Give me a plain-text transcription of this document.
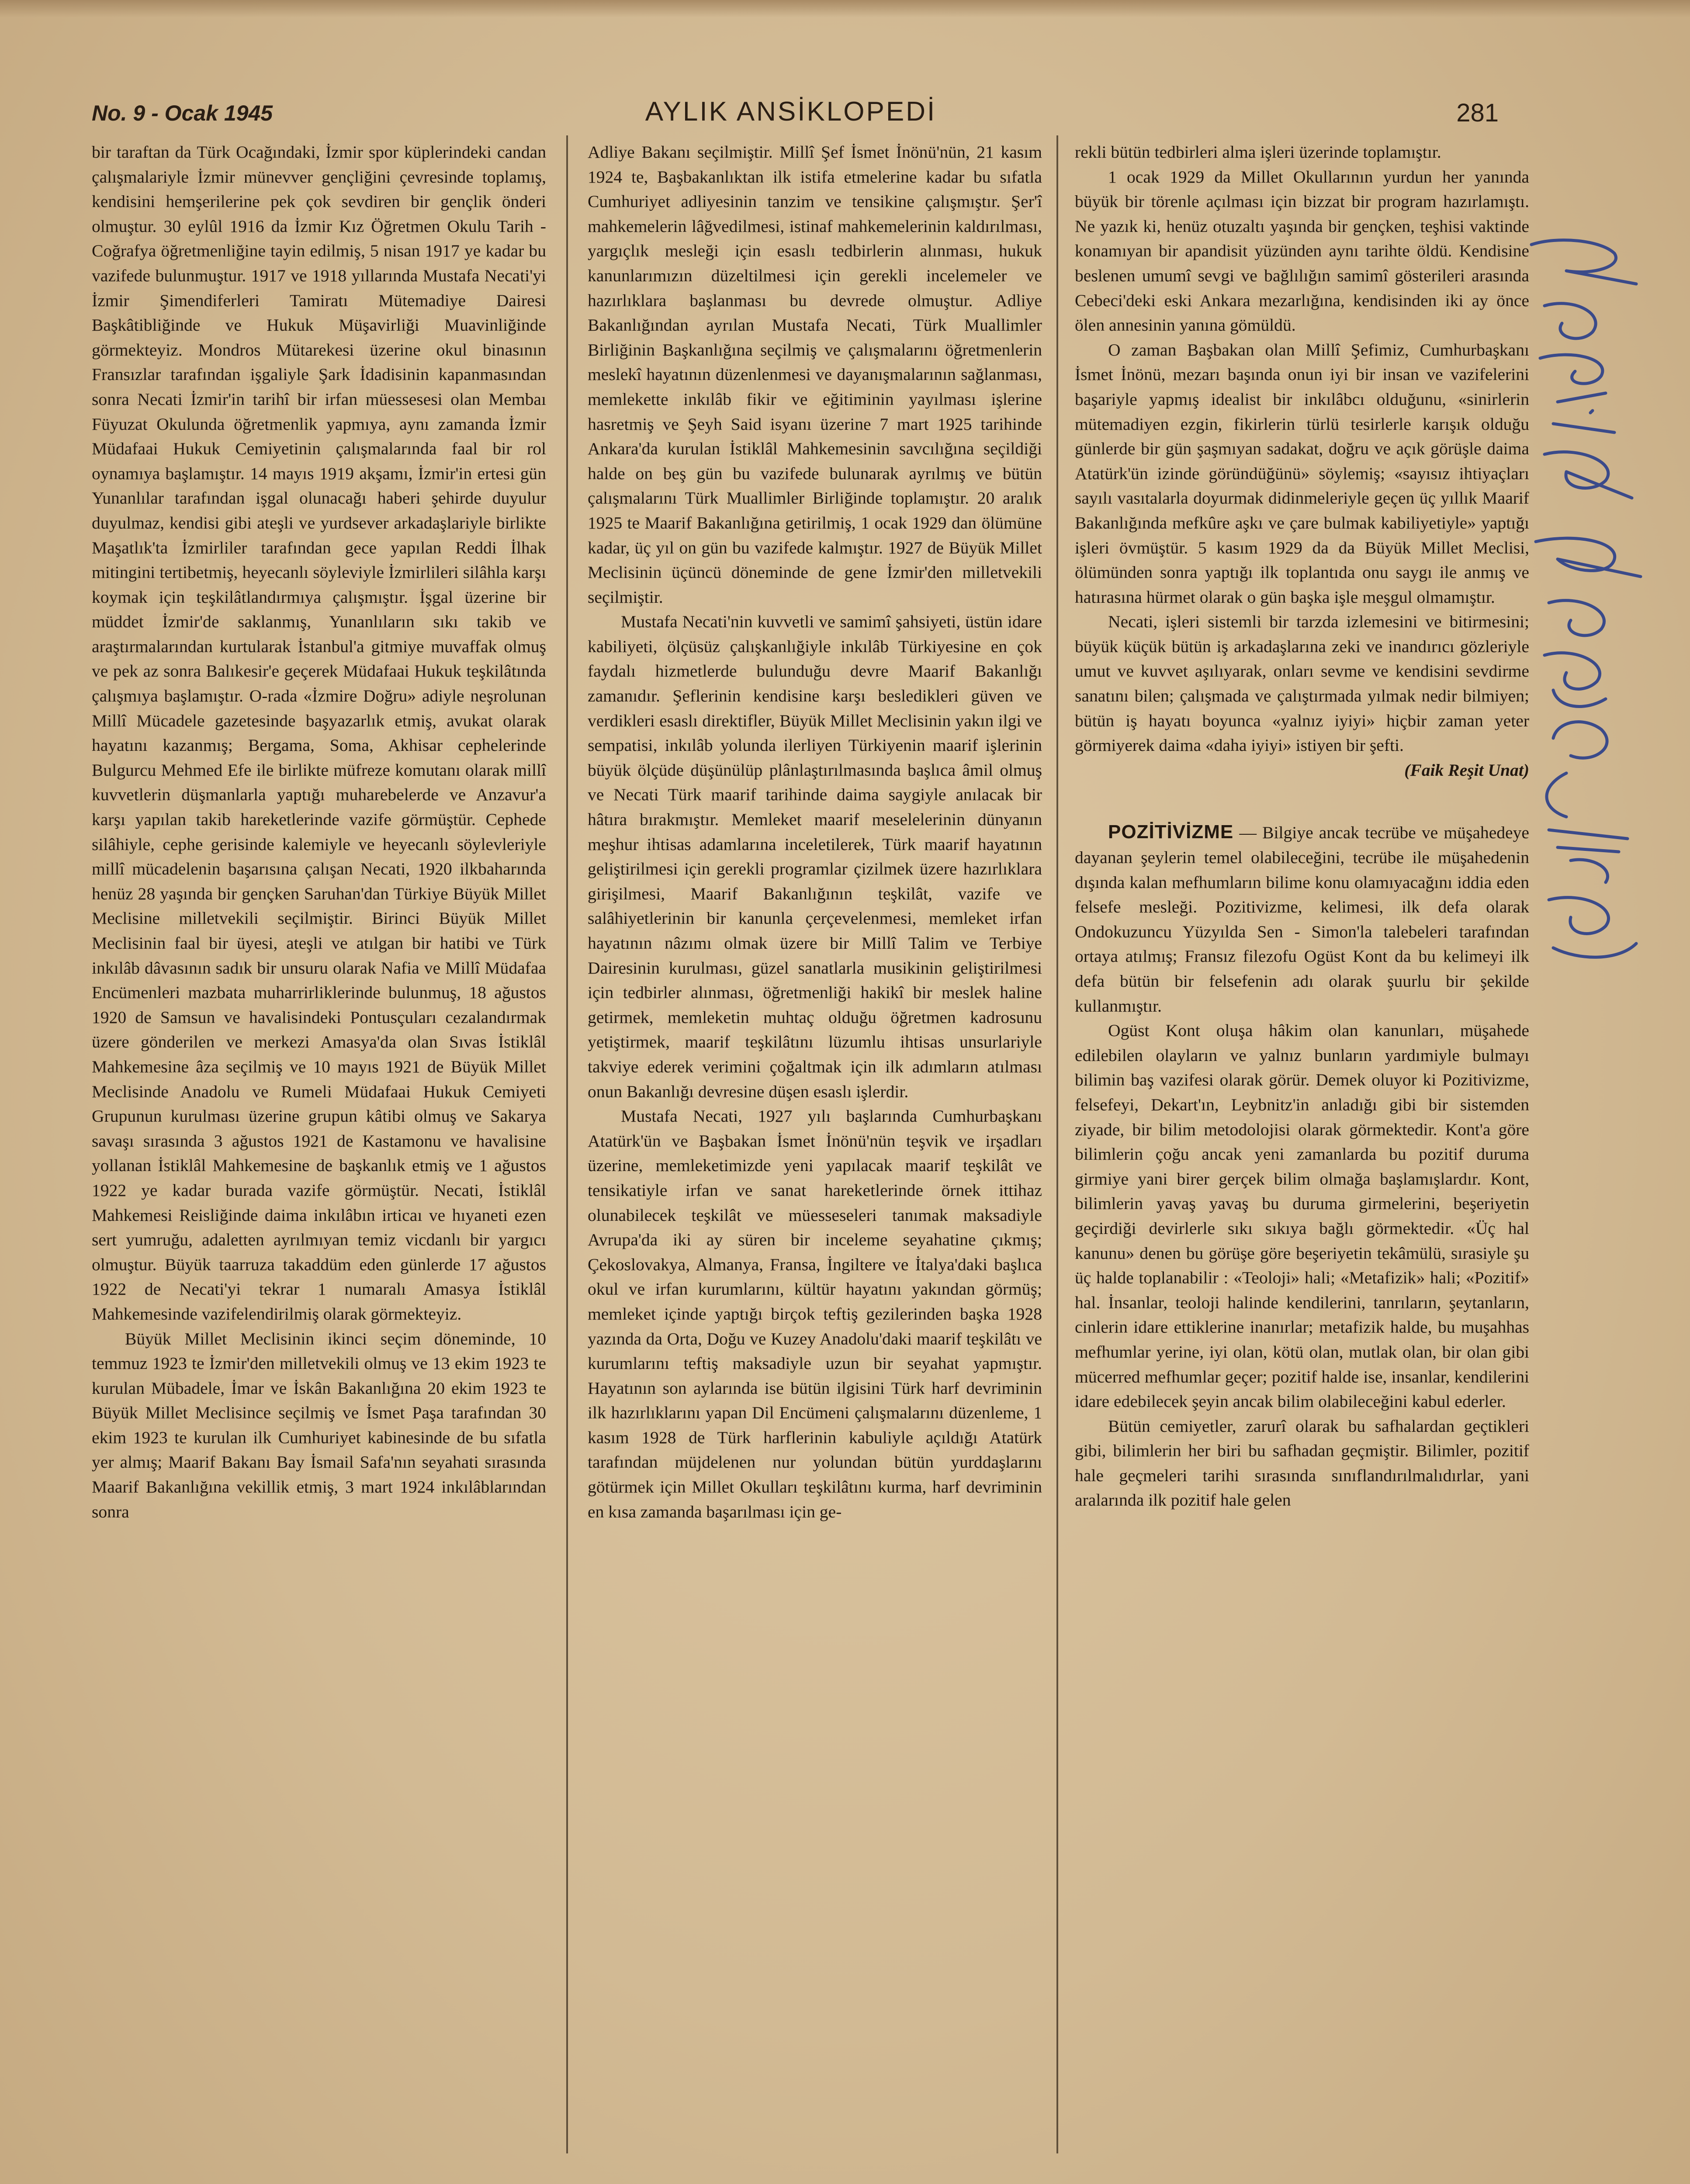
No. 9 - Ocak 1945	AYLIK ANSİKLOPEDİ	281

bir taraftan da Türk Ocağındaki, İzmir spor küplerindeki candan çalışmalariyle İzmir münevver gençliğini çevresinde toplamış, kendisini hemşerilerine pek çok sevdiren bir gençlik önderi olmuştur. 30 eylûl 1916 da İzmir Kız Öğretmen Okulu Tarih - Coğrafya öğretmenliğine tayin edilmiş, 5 nisan 1917 ye kadar bu vazifede bulunmuştur. 1917 ve 1918 yıllarında Mustafa Necati'yi İzmir Şimendiferleri Tamiratı Mütemadiye Dairesi Başkâtibliğinde ve Hukuk Müşavirliği Muavinliğinde görmekteyiz. Mondros Mütarekesi üzerine okul binasının Fransızlar tarafından işgaliyle Şark İdadisinin kapanmasından sonra Necati İzmir'in tarihî bir irfan müessesesi olan Membaı Füyuzat Okulunda öğretmenlik yapmıya, aynı zamanda İzmir Müdafaai Hukuk Cemiyetinin çalışmalarında faal bir rol oynamıya başlamıştır. 14 mayıs 1919 akşamı, İzmir'in ertesi gün Yunanlılar tarafından işgal olunacağı haberi şehirde duyulur duyulmaz, kendisi gibi ateşli ve yurdsever arkadaşlariyle birlikte Maşatlık'ta İzmirliler tarafından gece yapılan Reddi İlhak mitingini tertibetmiş, heyecanlı söyleviyle İzmirlileri silâhla karşı koymak için teşkilâtlandırmıya çalışmıştır. İşgal üzerine bir müddet İzmir'de saklanmış, Yunanlıların sıkı takib ve araştırmalarından kurtularak İstanbul'a gitmiye muvaffak olmuş ve pek az sonra Balıkesir'e geçerek Müdafaai Hukuk teşkilâtında çalışmıya başlamıştır. O-rada «İzmire Doğru» adiyle neşrolunan Millî Mücadele gazetesinde başyazarlık etmiş, avukat olarak hayatını kazanmış; Bergama, Soma, Akhisar cephelerinde Bulgurcu Mehmed Efe ile birlikte müfreze komutanı olarak millî kuvvetlerin düşmanlarla yaptığı muharebelerde ve Anzavur'a karşı yapılan takib hareketlerinde vazife görmüştür. Cephede silâhiyle, cephe gerisinde kalemiyle ve heyecanlı söylevleriyle millî mücadelenin başarısına çalışan Necati, 1920 ilkbaharında henüz 28 yaşında bir gençken Saruhan'dan Türkiye Büyük Millet Meclisine milletvekili seçilmiştir. Birinci Büyük Millet Meclisinin faal bir üyesi, ateşli ve atılgan bir hatibi ve Türk inkılâb dâvasının sadık bir unsuru olarak Nafia ve Millî Müdafaa Encümenleri mazbata muharrirliklerinde bulunmuş, 18 ağustos 1920 de Samsun ve havalisindeki Pontusçuları cezalandırmak üzere gönderilen ve merkezi Amasya'da olan Sıvas İstiklâl Mahkemesine âza seçilmiş ve 10 mayıs 1921 de Büyük Millet Meclisinde Anadolu ve Rumeli Müdafaai Hukuk Cemiyeti Grupunun kurulması üzerine grupun kâtibi olmuş ve Sakarya savaşı sırasında 3 ağustos 1921 de Kastamonu ve havalisine yollanan İstiklâl Mahkemesine de başkanlık etmiş ve 1 ağustos 1922 ye kadar burada vazife görmüştür. Necati, İstiklâl Mahkemesi Reisliğinde daima inkılâbın irticaı ve hıyaneti ezen sert yumruğu, adaletten ayrılmıyan temiz vicdanlı bir yargıcı olmuştur. Büyük taarruza takaddüm eden günlerde 17 ağustos 1922 de Necati'yi tekrar 1 numaralı Amasya İstiklâl Mahkemesinde vazifelendirilmiş olarak görmekteyiz.

Büyük Millet Meclisinin ikinci seçim döneminde, 10 temmuz 1923 te İzmir'den milletvekili olmuş ve 13 ekim 1923 te kurulan Mübadele, İmar ve İskân Bakanlığına 20 ekim 1923 te Büyük Millet Meclisince seçilmiş ve İsmet Paşa tarafından 30 ekim 1923 te kurulan ilk Cumhuriyet kabinesinde de bu sıfatla yer almış; Maarif Bakanı Bay İsmail Safa'nın seyahati sırasında Maarif Bakanlığına vekillik etmiş, 3 mart 1924 inkılâblarından sonra

Adliye Bakanı seçilmiştir. Millî Şef İsmet İnönü'nün, 21 kasım 1924 te, Başbakanlıktan ilk istifa etmelerine kadar bu sıfatla Cumhuriyet adliyesinin tanzim ve tensikine çalışmıştır. Şer'î mahkemelerin lâğvedilmesi, istinaf mahkemelerinin kaldırılması, yargıçlık mesleği için esaslı tedbirlerin alınması, hukuk kanunlarımızın düzeltilmesi için gerekli incelemeler ve hazırlıklara başlanması bu devrede olmuştur. Adliye Bakanlığından ayrılan Mustafa Necati, Türk Muallimler Birliğinin Başkanlığına seçilmiş ve çalışmalarını öğretmenlerin meslekî hayatının düzenlenmesi ve dayanışmalarının sağlanması, memlekette inkılâb fikir ve eğitiminin yayılması işlerine hasretmiş ve Şeyh Said isyanı üzerine 7 mart 1925 tarihinde Ankara'da kurulan İstiklâl Mahkemesinin savcılığına seçildiği halde on beş gün bu vazifede bulunarak ayrılmış ve bütün çalışmalarını Türk Muallimler Birliğinde toplamıştır. 20 aralık 1925 te Maarif Bakanlığına getirilmiş, 1 ocak 1929 dan ölümüne kadar, üç yıl on gün bu vazifede kalmıştır. 1927 de Büyük Millet Meclisinin üçüncü döneminde de gene İzmir'den milletvekili seçilmiştir.

Mustafa Necati'nin kuvvetli ve samimî şahsiyeti, üstün idare kabiliyeti, ölçüsüz çalışkanlığiyle inkılâb Türkiyesine en çok faydalı hizmetlerde bulunduğu devre Maarif Bakanlığı zamanıdır. Şeflerinin kendisine karşı besledikleri güven ve verdikleri esaslı direktifler, Büyük Millet Meclisinin yakın ilgi ve sempatisi, inkılâb yolunda ilerliyen Türkiyenin maarif işlerinin büyük ölçüde düşünülüp plânlaştırılmasında başlıca âmil olmuş ve Necati Türk maarif tarihinde daima saygiyle anılacak bir hâtıra bırakmıştır. Memleket maarif meselelerinin dünyanın meşhur ihtisas adamlarına inceletilerek, Türk maarif hayatının geliştirilmesi için gerekli programlar çizilmek üzere hazırlıklara girişilmesi, Maarif Bakanlığının teşkilât, vazife ve salâhiyetlerinin bir kanunla çerçevelenmesi, memleket irfan hayatının nâzımı olmak üzere bir Millî Talim ve Terbiye Dairesinin kurulması, güzel sanatlarla musikinin geliştirilmesi için tedbirler alınması, öğretmenliği hakikî bir meslek haline getirmek, memleketin muhtaç olduğu öğretmen kadrosunu yetiştirmek, maarif teşkilâtını lüzumlu ihtisas unsurlariyle takviye ederek verimini çoğaltmak için ilk adımların atılması onun Bakanlığı devresine düşen esaslı işlerdir.

Mustafa Necati, 1927 yılı başlarında Cumhurbaşkanı Atatürk'ün ve Başbakan İsmet İnönü'nün teşvik ve irşadları üzerine, memleketimizde yeni yapılacak maarif teşkilât ve tensikatiyle irfan ve sanat hareketlerinde örnek ittihaz olunabilecek teşkilât ve müesseseleri tanımak maksadiyle Avrupa'da iki ay süren bir inceleme seyahatine çıkmış; Çekoslovakya, Almanya, Fransa, İngiltere ve İtalya'daki başlıca okul ve irfan kurumlarını, kültür hayatını yakından görmüş; memleket içinde yaptığı birçok teftiş gezilerinden başka 1928 yazında da Orta, Doğu ve Kuzey Anadolu'daki maarif teşkilâtı ve kurumlarını teftiş maksadiyle uzun bir seyahat yapmıştır. Hayatının son aylarında ise bütün ilgisini Türk harf devriminin ilk hazırlıklarını yapan Dil Encümeni çalışmalarını düzenleme, 1 kasım 1928 de Türk harflerinin kabuliyle açıldığı Atatürk tarafından müjdelenen nur yolundan bütün yurddaşlarını götürmek için Millet Okulları teşkilâtını kurma, harf devriminin en kısa zamanda başarılması için ge-

rekli bütün tedbirleri alma işleri üzerinde toplamıştır.

1 ocak 1929 da Millet Okullarının yurdun her yanında büyük bir törenle açılması için bizzat bir program hazırlamıştı. Ne yazık ki, henüz otuzaltı yaşında bir gençken, teşhisi vaktinde konamıyan bir apandisit yüzünden aynı tarihte öldü. Kendisine beslenen umumî sevgi ve bağlılığın samimî gösterileri arasında Cebeci'deki eski Ankara mezarlığına, kendisinden iki ay önce ölen annesinin yanına gömüldü.

O zaman Başbakan olan Millî Şefimiz, Cumhurbaşkanı İsmet İnönü, mezarı başında onun iyi bir insan ve vazifelerini başariyle yapmış idealist bir inkılâbcı olduğunu, «sinirlerin mütemadiyen ezgin, fikirlerin türlü tesirlerle karışık olduğu günlerde bir gün şaşmıyan sadakat, doğru ve açık görüşle daima Atatürk'ün izinde göründüğünü» söylemiş; «sayısız ihtiyaçları sayılı vasıtalarla doyurmak didinmeleriyle geçen üç yıllık Maarif Bakanlığında mefkûre aşkı ve çare bulmak kabiliyetiyle» yaptığı işleri övmüştür. 5 kasım 1929 da da Büyük Millet Meclisi, ölümünden sonra yaptığı ilk toplantıda onu saygı ile anmış ve hatırasına hürmet olarak o gün başka işle meşgul olmamıştır.

Necati, işleri sistemli bir tarzda izlemesini ve bitirmesini; büyük küçük bütün iş arkadaşlarına zeki ve inandırıcı gözleriyle umut ve kuvvet aşılıyarak, onları sevme ve kendisini sevdirme sanatını bilen; çalışmada ve çalıştırmada yılmak nedir bilmiyen; bütün iş hayatı boyunca «yalnız iyiyi» hiçbir zaman yeter görmiyerek daima «daha iyiyi» istiyen bir şefti.

(Faik Reşit Unat)

POZİTİVİZME — Bilgiye ancak tecrübe ve müşahedeye dayanan şeylerin temel olabileceğini, tecrübe ile müşahedenin dışında kalan mefhumların bilime konu olamıyacağını iddia eden felsefe mesleği. Pozitivizme, kelimesi, ilk defa olarak Ondokuzuncu Yüzyılda Sen - Simon'la talebeleri tarafından ortaya atılmış; Fransız filezofu Ogüst Kont da bu kelimeyi ilk defa bütün bir felsefenin adı olarak şuurlu bir şekilde kullanmıştır.

Ogüst Kont oluşa hâkim olan kanunları, müşahede edilebilen olayların ve yalnız bunların yardımiyle bulmayı bilimin baş vazifesi olarak görür. Demek oluyor ki Pozitivizme, felsefeyi, Dekart'ın, Leybnitz'in anladığı gibi bir sistemden ziyade, bir bilim metodolojisi olarak görmektedir. Kont'a göre bilimlerin çoğu ancak yeni zamanlarda bu pozitif duruma girmiye yani birer gerçek bilim olmağa başlamışlardır. Kont, bilimlerin yavaş yavaş bu duruma girmelerini, beşeriyetin geçirdiği devirlerle sıkı sıkıya bağlı görmektedir. «Üç hal kanunu» denen bu görüşe göre beşeriyetin tekâmülü, sırasiyle şu üç halde toplanabilir : «Teoloji» hali; «Metafizik» hali; «Pozitif» hal. İnsanlar, teoloji halinde kendilerini, tanrıların, şeytanların, cinlerin idare ettiklerine inanırlar; metafizik halde, bu muşahhas mefhumlar yerine, iyi olan, kötü olan, mutlak olan, bir olan gibi mücerred mefhumlar geçer; pozitif halde ise, insanlar, kendilerini idare edebilecek şeyin ancak bilim olabileceğini kabul ederler.

Bütün cemiyetler, zarurî olarak bu safhalardan geçtikleri gibi, bilimlerin her biri bu safhadan geçmiştir. Bilimler, pozitif hale geçmeleri tarihi sırasında sınıflandırılmalıdırlar, yani aralarında ilk pozitif hale gelen
